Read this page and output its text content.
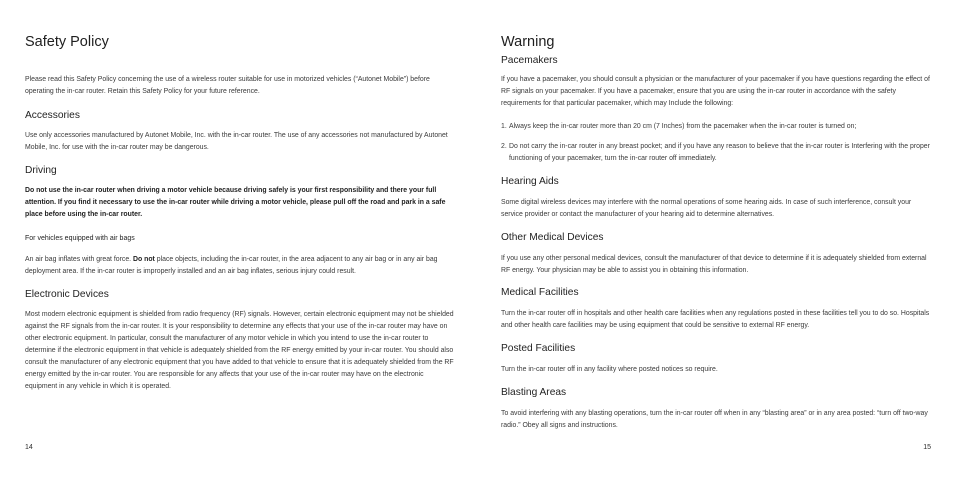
Safety Policy

Please read this Safety Policy concerning the use of a wireless router suitable for use in motorized vehicles (“Autonet Mobile”) before operating the in-car router. Retain this Safety Policy for your future reference.

Accessories

Use only accessories manufactured by Autonet Mobile, Inc. with the in-car router. The use of any accessories not manufactured by Autonet Mobile, Inc. for use with the in-car router may be dangerous.

Driving

Do not use the in-car router when driving a motor vehicle because driving safely is your first responsibility and there your full attention. If you find it necessary to use the in-car router while driving a motor vehicle, please pull off the road and park in a safe place before using the in-car router.

For vehicles equipped with air bags

An air bag inflates with great force. Do not place objects, including the in-car router, in the area adjacent to any air bag or in any air bag deployment area. If the in-car router is improperly installed and an air bag inflates, serious injury could result.

Electronic Devices

Most modern electronic equipment is shielded from radio frequency (RF) signals. However, certain electronic equipment may not be shielded against the RF signals from the in-car router. It is your responsibility to determine any effects that your use of the in-car router may have on other electronic equipment. In particular, consult the manufacturer of any motor vehicle in which you intend to use the in-car router to determine if the electronic equipment in that vehicle is adequately shielded from the RF energy emitted by your in-car router. You should also consult the manufacturer of any electronic equipment that you have added to that vehicle to ensure that it is adequately shielded from the RF energy emitted by the in-car router. You are responsible for any affects that your use of the in-car router may have on the electronic equipment in any vehicle in which it is operated.

14
Warning
Pacemakers

If you have a pacemaker, you should consult a physician or the manufacturer of your pacemaker if you have questions regarding the effect of RF signals on your pacemaker. If you have a pacemaker, ensure that you are using the in-car router in accordance with the safety requirements for that particular pacemaker, which may Include the following:

1. Always keep the in-car router more than 20 cm (7 Inches) from the pacemaker when the in-car router is turned on;
2. Do not carry the in-car router in any breast pocket; and if you have any reason to believe that the in-car router is Interfering with the proper functioning of your pacemaker, turn the in-car router off immediately.
Hearing Aids

Some digital wireless devices may interfere with the normal operations of some hearing aids. In case of such interference, consult your service provider or contact the manufacturer of your hearing aid to determine alternatives.

Other Medical Devices

If you use any other personal medical devices, consult the manufacturer of that device to determine if it is adequately shielded from external RF energy. Your physician may be able to assist you in obtaining this information.

Medical Facilities

Turn the in-car router off in hospitals and other health care facilities when any regulations posted in these facilities tell you to do so. Hospitals and other health care facilities may be using equipment that could be sensitive to external RF energy.

Posted Facilities

Turn the in-car router off in any facility where posted notices so require.

Blasting Areas

To avoid interfering with any blasting operations, turn the in-car router off when in any “blasting area” or in any area posted: “turn off two-way radio.” Obey all signs and instructions.

15
